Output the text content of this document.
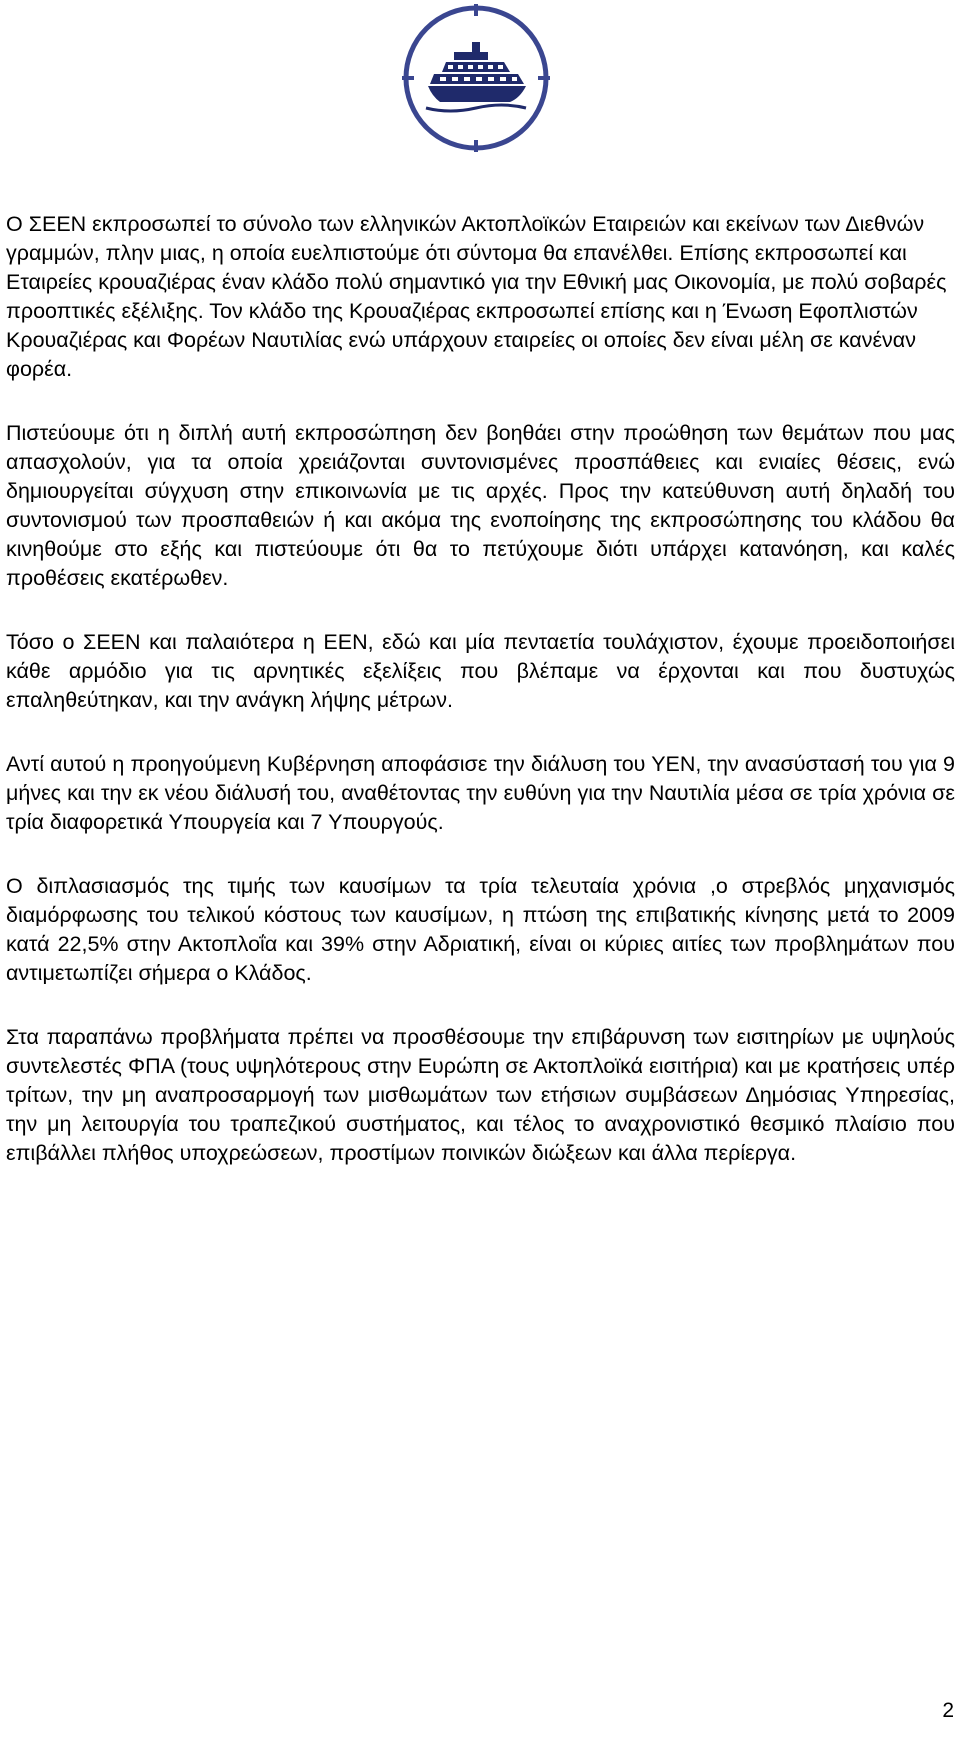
Ο ΣΕΕΝ εκπροσωπεί το σύνολο των ελληνικών Ακτοπλοϊκών Εταιρειών και εκείνων των Διεθνών γραμμών, πλην μιας, η οποία ευελπιστούμε ότι σύντομα θα επανέλθει. Επίσης εκπροσωπεί και Εταιρείες κρουαζιέρας έναν κλάδο πολύ σημαντικό για την Εθνική μας Οικονομία, με πολύ σοβαρές προοπτικές εξέλιξης. Τον κλάδο της Κρουαζιέρας εκπροσωπεί επίσης και η Ένωση Εφοπλιστών Κρουαζιέρας και Φορέων Ναυτιλίας ενώ υπάρχουν εταιρείες οι οποίες δεν είναι μέλη σε κανέναν φορέα.

Πιστεύουμε ότι η διπλή αυτή εκπροσώπηση δεν βοηθάει στην προώθηση των θεμάτων που μας απασχολούν, για τα οποία χρειάζονται συντονισμένες προσπάθειες και ενιαίες θέσεις, ενώ δημιουργείται σύγχυση στην επικοινωνία με τις αρχές. Προς την κατεύθυνση αυτή δηλαδή του συντονισμού των προσπαθειών ή και ακόμα της ενοποίησης της εκπροσώπησης του κλάδου θα κινηθούμε στο εξής και πιστεύουμε ότι θα το πετύχουμε διότι υπάρχει κατανόηση, και καλές προθέσεις εκατέρωθεν.

Τόσο ο ΣΕΕΝ και παλαιότερα η ΕΕΝ, εδώ και μία πενταετία τουλάχιστον, έχουμε προειδοποιήσει κάθε αρμόδιο για τις αρνητικές εξελίξεις που βλέπαμε να έρχονται και που δυστυχώς επαληθεύτηκαν, και την ανάγκη λήψης μέτρων.

Αντί αυτού η προηγούμενη Κυβέρνηση αποφάσισε την διάλυση του ΥΕΝ, την ανασύστασή του για 9 μήνες και την εκ νέου διάλυσή του, αναθέτοντας την ευθύνη για την Ναυτιλία μέσα σε τρία χρόνια σε τρία διαφορετικά Υπουργεία και 7 Υπουργούς.

Ο διπλασιασμός της τιμής των καυσίμων τα τρία τελευταία χρόνια ,ο στρεβλός μηχανισμός διαμόρφωσης του τελικού κόστους των καυσίμων, η πτώση της επιβατικής κίνησης μετά το 2009 κατά 22,5% στην Ακτοπλοΐα και 39% στην Αδριατική, είναι οι κύριες αιτίες των προβλημάτων που αντιμετωπίζει σήμερα ο Κλάδος.

Στα παραπάνω προβλήματα πρέπει να προσθέσουμε την επιβάρυνση των εισιτηρίων με υψηλούς συντελεστές ΦΠΑ (τους υψηλότερους στην Ευρώπη σε Ακτοπλοϊκά εισιτήρια) και με κρατήσεις υπέρ τρίτων, την μη αναπροσαρμογή των μισθωμάτων των ετήσιων συμβάσεων Δημόσιας Υπηρεσίας, την μη λειτουργία του τραπεζικού συστήματος, και τέλος το αναχρονιστικό θεσμικό πλαίσιο που επιβάλλει πλήθος υποχρεώσεων, προστίμων ποινικών διώξεων και άλλα περίεργα.

2
